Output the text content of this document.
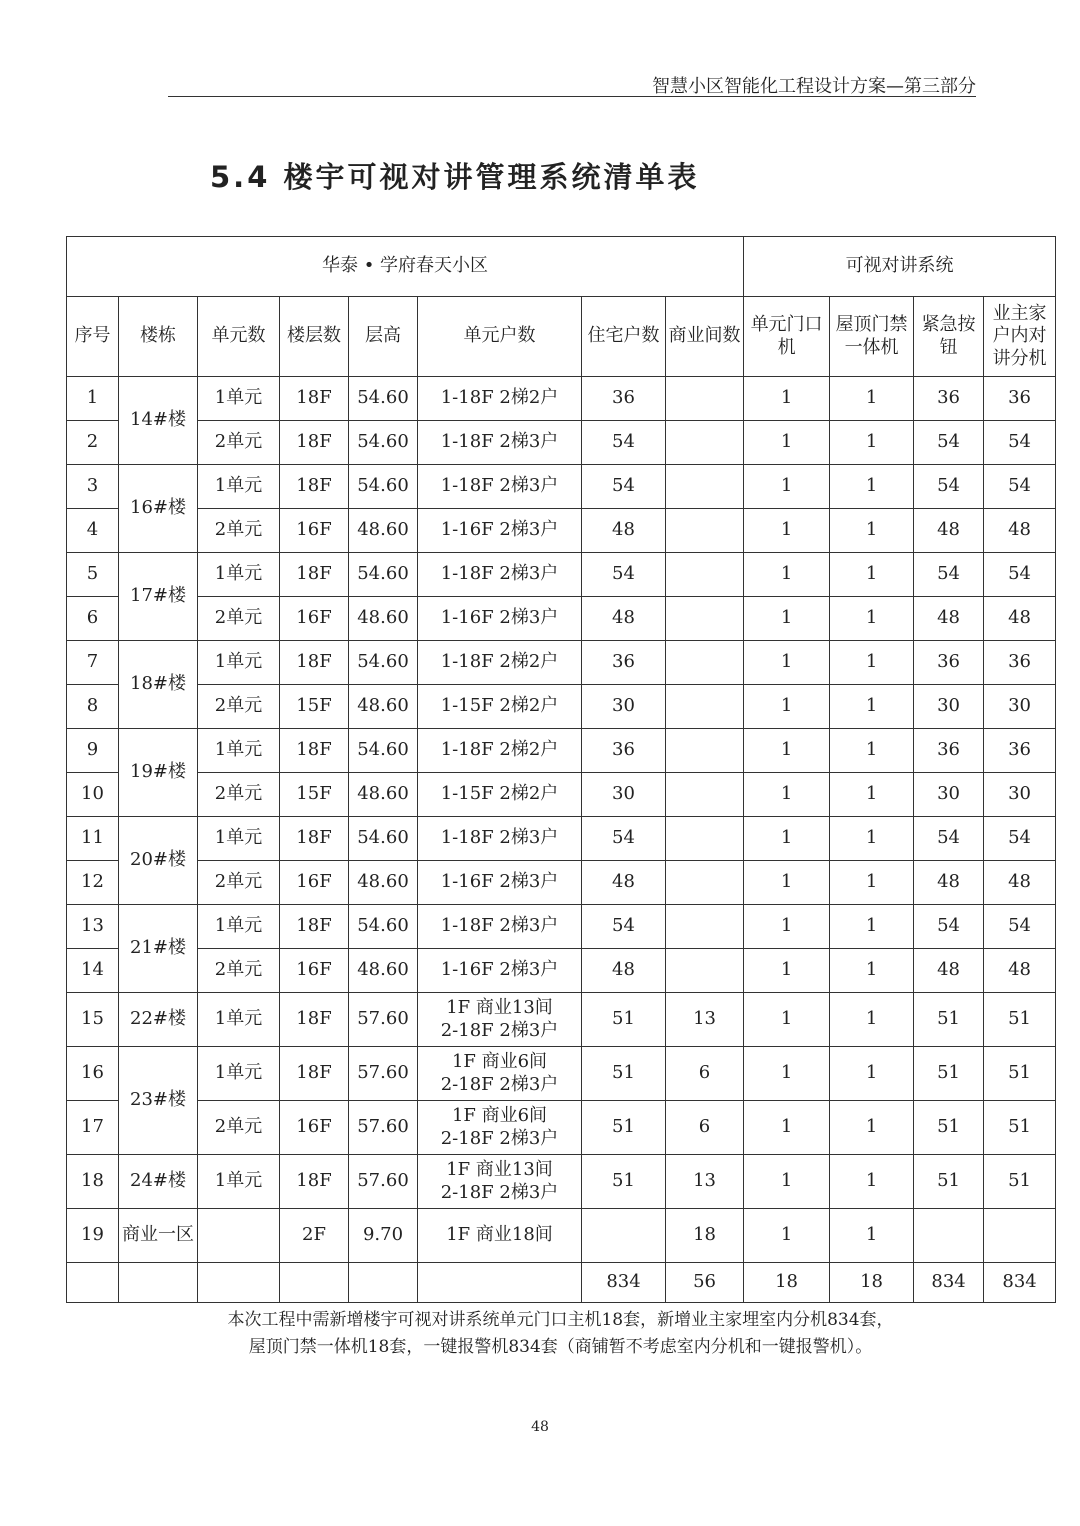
智慧小区智能化工程设计方案—第三部分
5.4 楼宇可视对讲管理系统清单表
华泰 • 学府春天小区								可视对讲系统			
序号	楼栋	单元数	楼层数	层高	单元户数	住宅户数	商业间数	单元门口机	屋顶门禁一体机	紧急按钮	业主家户内对讲分机
1	14#楼	1单元	18F	54.60	1-18F 2梯2户	36		1	1	36	36
2		2单元	18F	54.60	1-18F 2梯3户	54		1	1	54	54
3	16#楼	1单元	18F	54.60	1-18F 2梯3户	54		1	1	54	54
4		2单元	16F	48.60	1-16F 2梯3户	48		1	1	48	48
5	17#楼	1单元	18F	54.60	1-18F 2梯3户	54		1	1	54	54
6		2单元	16F	48.60	1-16F 2梯3户	48		1	1	48	48
7	18#楼	1单元	18F	54.60	1-18F 2梯2户	36		1	1	36	36
8		2单元	15F	48.60	1-15F 2梯2户	30		1	1	30	30
9	19#楼	1单元	18F	54.60	1-18F 2梯2户	36		1	1	36	36
10		2单元	15F	48.60	1-15F 2梯2户	30		1	1	30	30
11	20#楼	1单元	18F	54.60	1-18F 2梯3户	54		1	1	54	54
12		2单元	16F	48.60	1-16F 2梯3户	48		1	1	48	48
13	21#楼	1单元	18F	54.60	1-18F 2梯3户	54		1	1	54	54
14		2单元	16F	48.60	1-16F 2梯3户	48		1	1	48	48
15	22#楼	1单元	18F	57.60	1F 商业13间
2-18F 2梯3户	51	13	1	1	51	51
16	23#楼	1单元	18F	57.60	1F 商业6间
2-18F 2梯3户	51	6	1	1	51	51
17		2单元	16F	57.60	1F 商业6间
2-18F 2梯3户	51	6	1	1	51	51
18	24#楼	1单元	18F	57.60	1F 商业13间
2-18F 2梯3户	51	13	1	1	51	51
19	商业一区		2F	9.70	1F 商业18间		18	1	1		
						834	56	18	18	834	834
本次工程中需新增楼宇可视对讲系统单元门口主机18套，新增业主家埋室内分机834套，
屋顶门禁一体机18套，一键报警机834套（商铺暂不考虑室内分机和一键报警机）。
48
